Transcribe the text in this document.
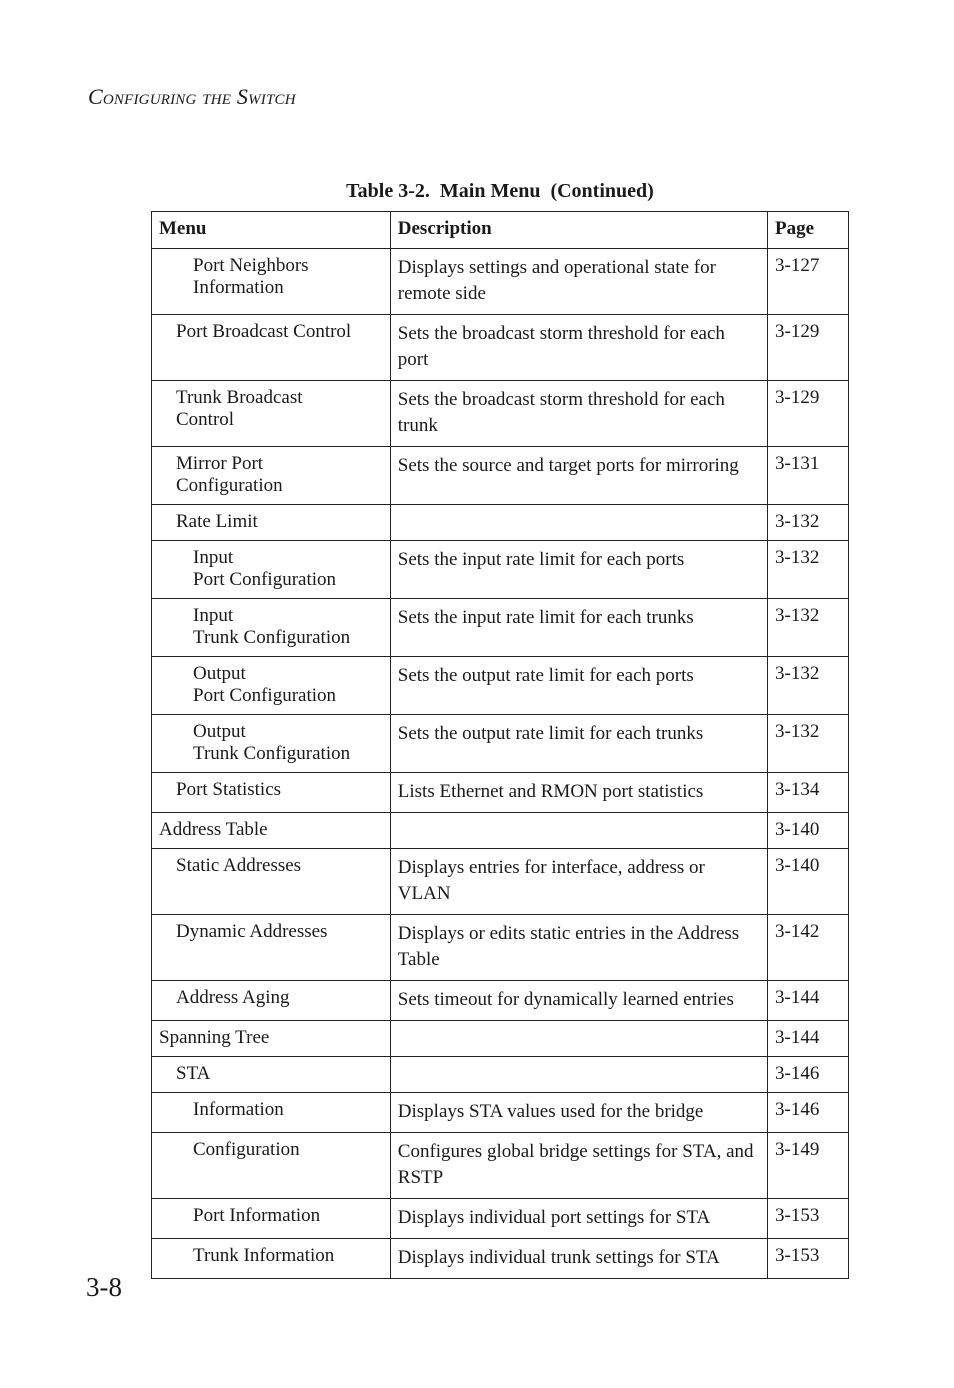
Configuring the Switch
Table 3-2.  Main Menu  (Continued)
Menu	Description	Page

Port Neighbors
Information	Displays settings and operational state for remote side	3-127

Port Broadcast Control	Sets the broadcast storm threshold for each port	3-129

Trunk Broadcast
Control	Sets the broadcast storm threshold for each trunk	3-129

Mirror Port
Configuration	Sets the source and target ports for mirroring	3-131

Rate Limit		3-132

Input
Port Configuration	Sets the input rate limit for each ports	3-132

Input
Trunk Configuration	Sets the input rate limit for each trunks	3-132

Output
Port Configuration	Sets the output rate limit for each ports	3-132

Output
Trunk Configuration	Sets the output rate limit for each trunks	3-132

Port Statistics	Lists Ethernet and RMON port statistics	3-134

Address Table		3-140

Static Addresses	Displays entries for interface, address or VLAN	3-140

Dynamic Addresses	Displays or edits static entries in the Address Table	3-142

Address Aging	Sets timeout for dynamically learned entries	3-144

Spanning Tree		3-144

STA		3-146

Information	Displays STA values used for the bridge	3-146

Configuration	Configures global bridge settings for STA, and RSTP	3-149

Port Information	Displays individual port settings for STA	3-153

Trunk Information	Displays individual trunk settings for STA	3-153
3-8
